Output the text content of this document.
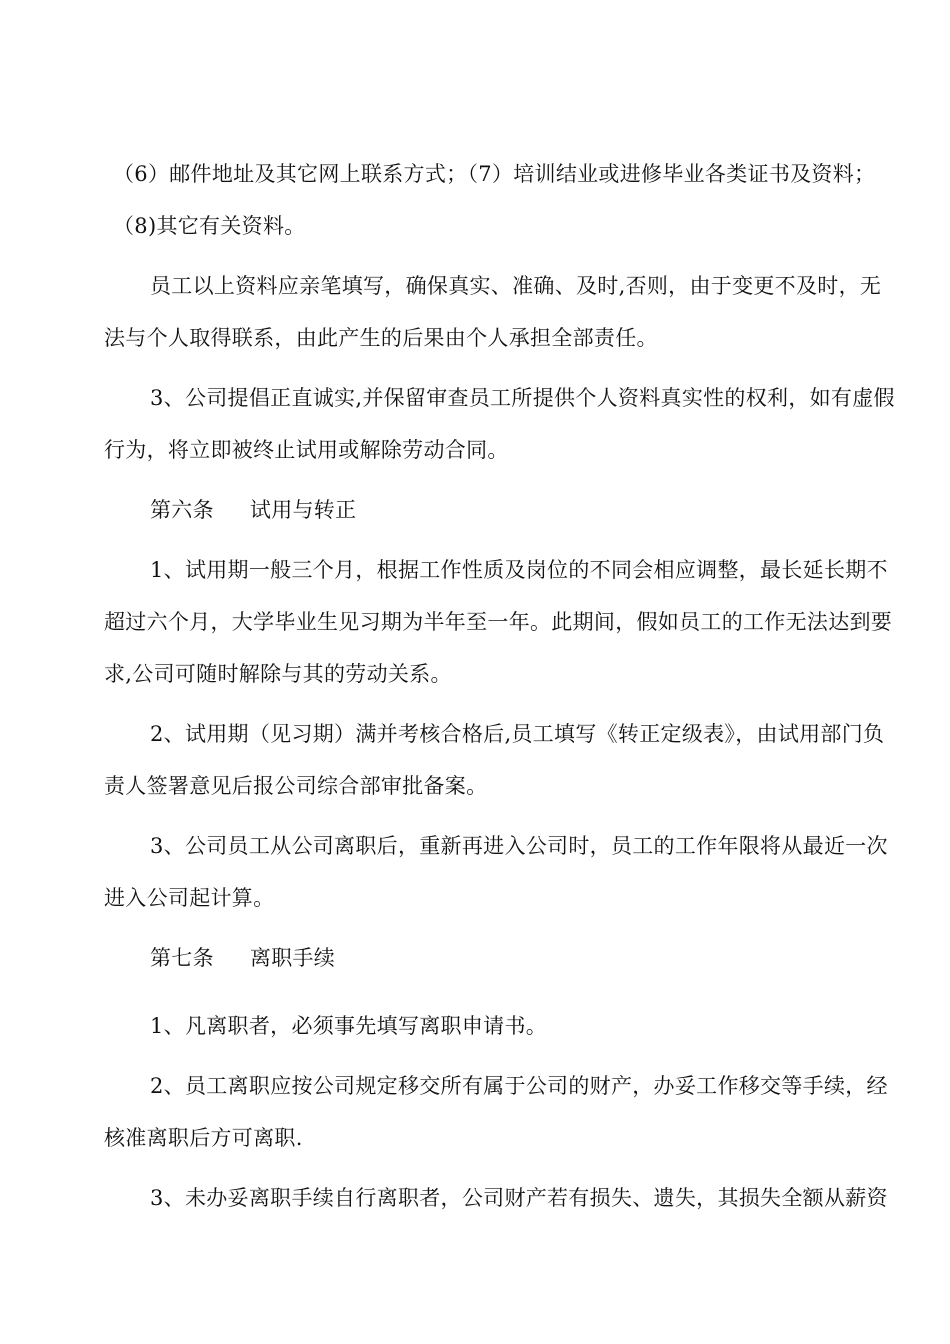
（6）邮件地址及其它网上联系方式；（7）培训结业或进修毕业各类证书及资料；
（8)其它有关资料。
员工以上资料应亲笔填写，确保真实、准确、及时,否则，由于变更不及时，无
法与个人取得联系，由此产生的后果由个人承担全部责任。
3、公司提倡正直诚实,并保留审查员工所提供个人资料真实性的权利，如有虚假
行为，将立即被终止试用或解除劳动合同。
第六条 试用与转正
1、试用期一般三个月，根据工作性质及岗位的不同会相应调整，最长延长期不
超过六个月，大学毕业生见习期为半年至一年。此期间，假如员工的工作无法达到要
求,公司可随时解除与其的劳动关系。
2、试用期（见习期）满并考核合格后,员工填写《转正定级表》，由试用部门负
责人签署意见后报公司综合部审批备案。
3、公司员工从公司离职后，重新再进入公司时，员工的工作年限将从最近一次
进入公司起计算。
第七条 离职手续
1、凡离职者，必须事先填写离职申请书。
2、员工离职应按公司规定移交所有属于公司的财产，办妥工作移交等手续，经
核准离职后方可离职.
3、未办妥离职手续自行离职者，公司财产若有损失、遗失，其损失全额从薪资
